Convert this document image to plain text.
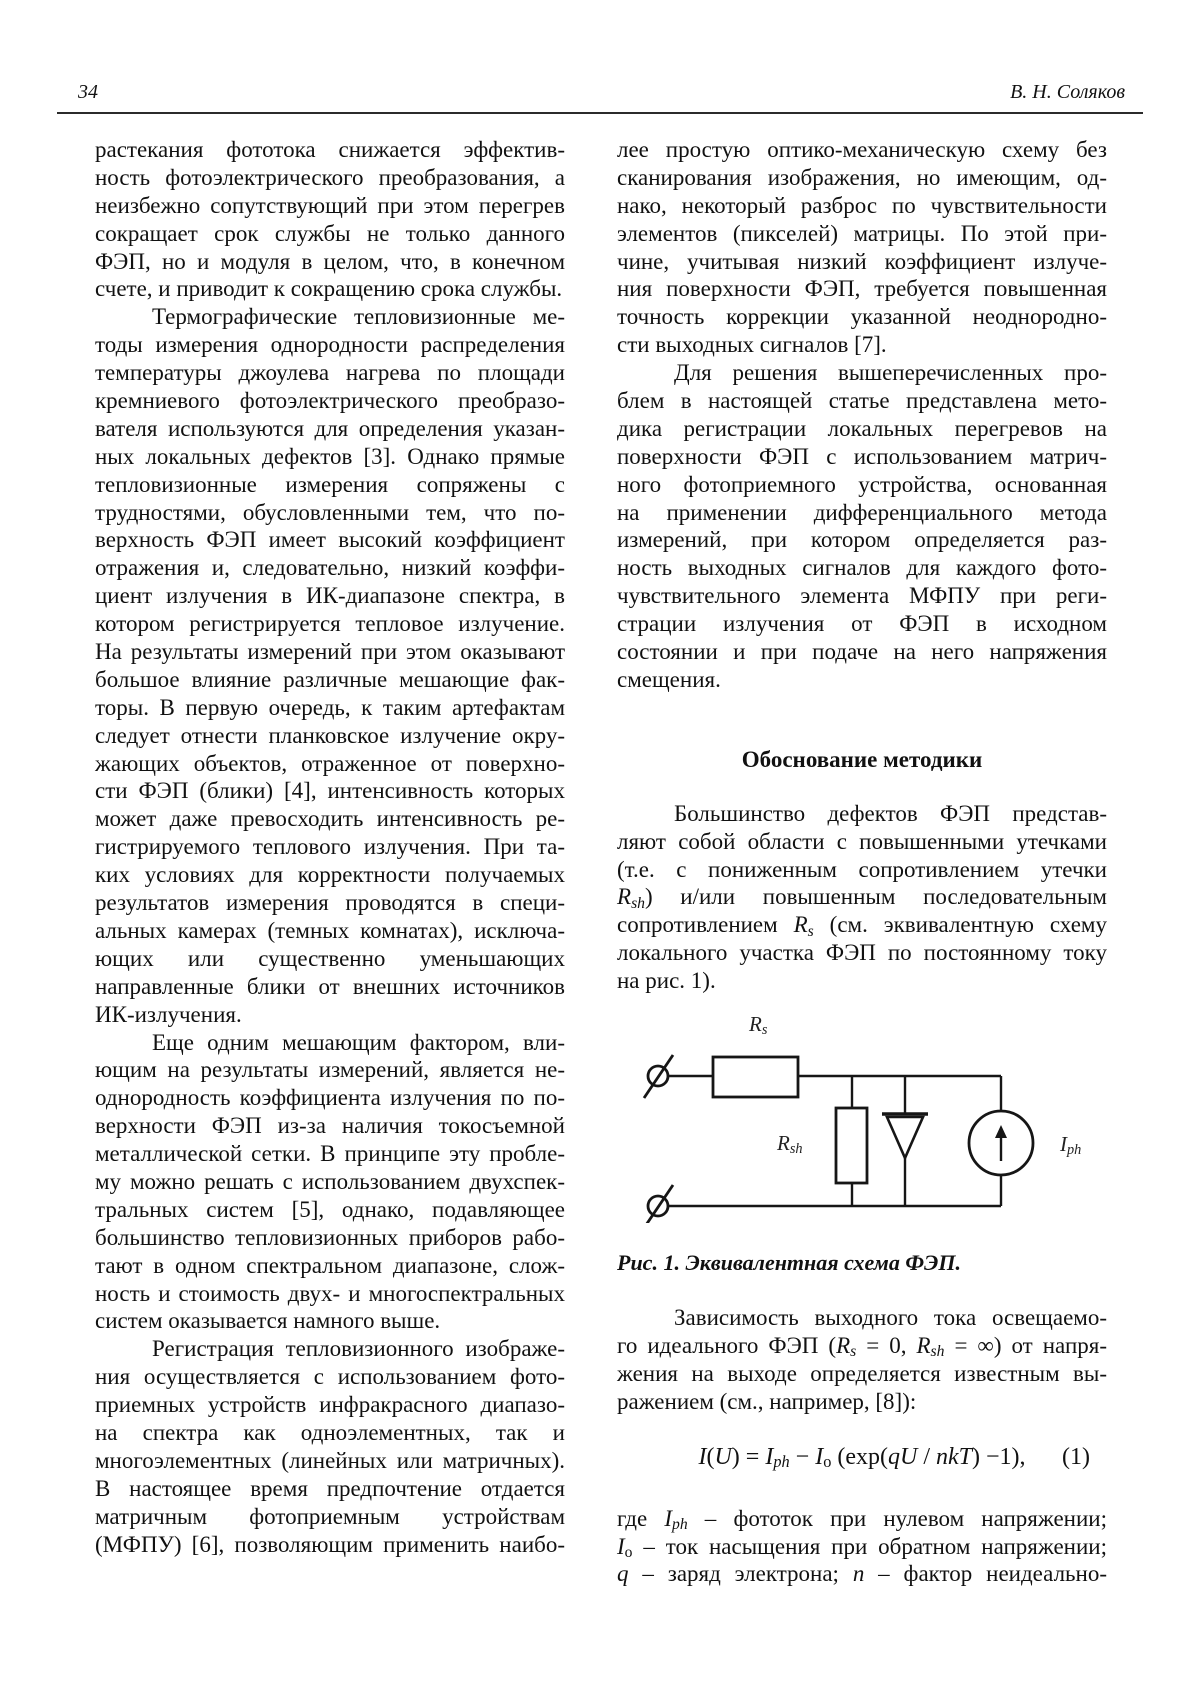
34	В. Н. Соляков
растекания фототока снижается эффектив-
ность фотоэлектрического преобразования, а
неизбежно сопутствующий при этом перегрев
сокращает срок службы не только данного
ФЭП, но и модуля в целом, что, в конечном
счете, и приводит к сокращению срока службы.
Термографические тепловизионные ме-
тоды измерения однородности распределения
температуры джоулева нагрева по площади
кремниевого фотоэлектрического преобразо-
вателя используются для определения указан-
ных локальных дефектов [3]. Однако прямые
тепловизионные измерения сопряжены с
трудностями, обусловленными тем, что по-
верхность ФЭП имеет высокий коэффициент
отражения и, следовательно, низкий коэффи-
циент излучения в ИК-диапазоне спектра, в
котором регистрируется тепловое излучение.
На результаты измерений при этом оказывают
большое влияние различные мешающие фак-
торы. В первую очередь, к таким артефактам
следует отнести планковское излучение окру-
жающих объектов, отраженное от поверхно-
сти ФЭП (блики) [4], интенсивность которых
может даже превосходить интенсивность ре-
гистрируемого теплового излучения. При та-
ких условиях для корректности получаемых
результатов измерения проводятся в специ-
альных камерах (темных комнатах), исключа-
ющих или существенно уменьшающих
направленные блики от внешних источников
ИК-излучения.
Еще одним мешающим фактором, вли-
ющим на результаты измерений, является не-
однородность коэффициента излучения по по-
верхности ФЭП из-за наличия токосъемной
металлической сетки. В принципе эту пробле-
му можно решать с использованием двухспек-
тральных систем [5], однако, подавляющее
большинство тепловизионных приборов рабо-
тают в одном спектральном диапазоне, слож-
ность и стоимость двух- и многоспектральных
систем оказывается намного выше.
Регистрация тепловизионного изображе-
ния осуществляется с использованием фото-
приемных устройств инфракрасного диапазо-
на спектра как одноэлементных, так и
многоэлементных (линейных или матричных).
В настоящее время предпочтение отдается
матричным фотоприемным устройствам
(МФПУ) [6], позволяющим применить наибо-
лее простую оптико-механическую схему без
сканирования изображения, но имеющим, од-
нако, некоторый разброс по чувствительности
элементов (пикселей) матрицы. По этой при-
чине, учитывая низкий коэффициент излуче-
ния поверхности ФЭП, требуется повышенная
точность коррекции указанной неоднородно-
сти выходных сигналов [7].
Для решения вышеперечисленных про-
блем в настоящей статье представлена мето-
дика регистрации локальных перегревов на
поверхности ФЭП с использованием матрич-
ного фотоприемного устройства, основанная
на применении дифференциального метода
измерений, при котором определяется раз-
ность выходных сигналов для каждого фото-
чувствительного элемента МФПУ при реги-
страции излучения от ФЭП в исходном
состоянии и при подаче на него напряжения
смещения.
Обоснование методики
Большинство дефектов ФЭП представ-
ляют собой области с повышенными утечками
(т.е. с пониженным сопротивлением утечки
Rsh) и/или повышенным последовательным
сопротивлением Rs (см. эквивалентную схему
локального участка ФЭП по постоянному току
на рис. 1).
Rs
Rsh	Iph
Рис. 1. Эквивалентная схема ФЭП.
Зависимость выходного тока освещаемо-
го идеального ФЭП (Rs = 0, Rsh = ∞) от напря-
жения на выходе определяется известным вы-
ражением (см., например, [8]):
I(U) = Iph − Io (exp(qU / nkT) −1), (1)
где Iph – фототок при нулевом напряжении;
Io – ток насыщения при обратном напряжении;
q – заряд электрона; n – фактор неидеально-
